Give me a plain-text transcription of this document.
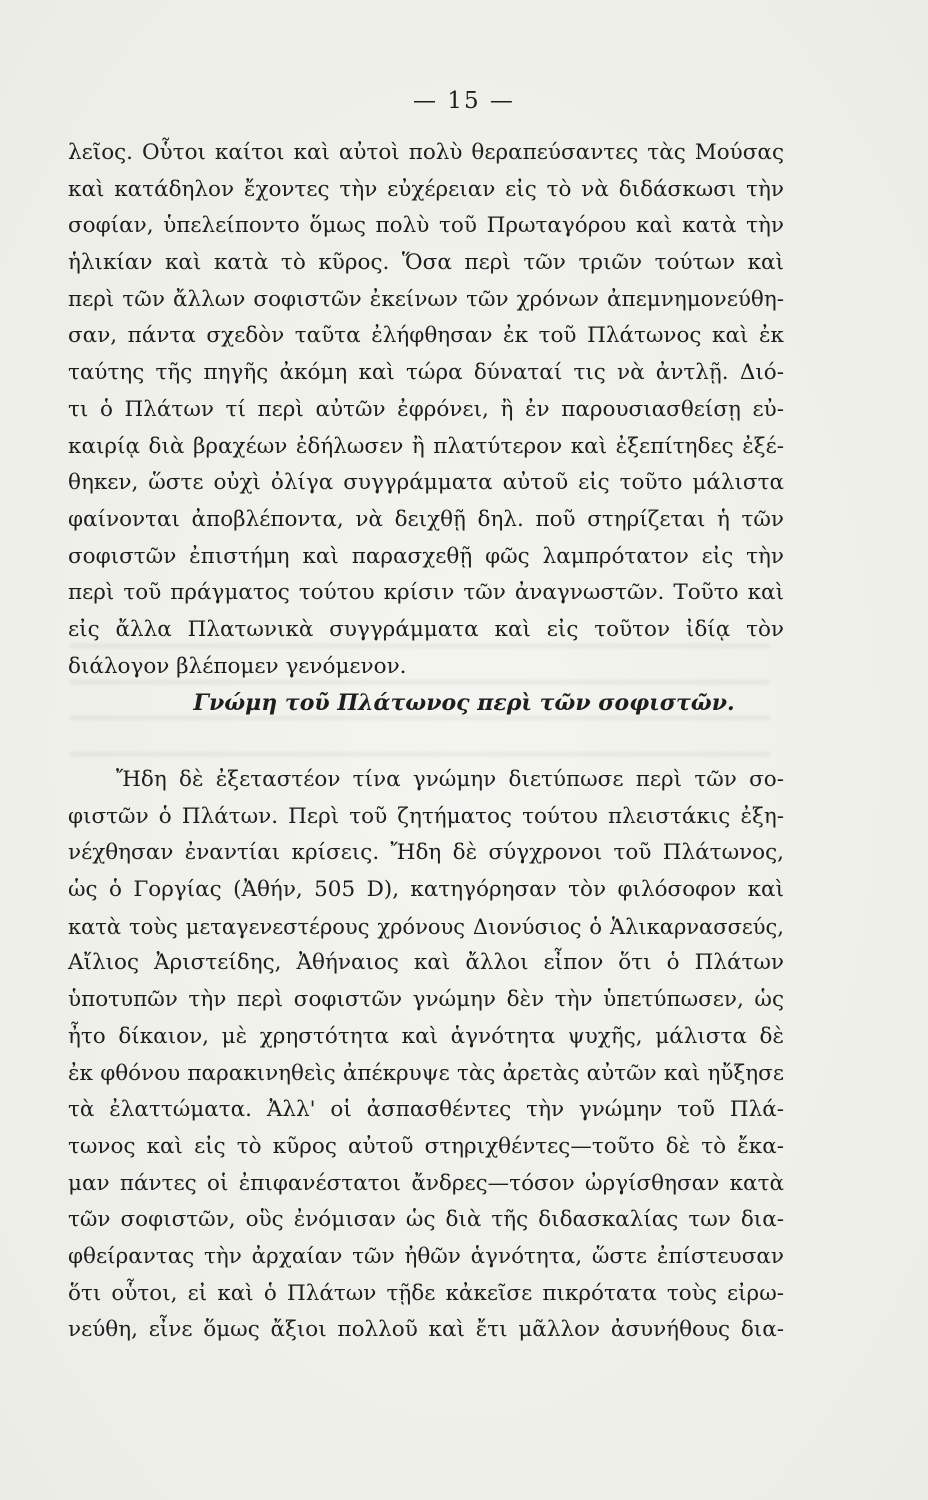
— 15 —
λεῖος. Οὗτοι καίτοι καὶ αὐτοὶ πολὺ θεραπεύσαντες τὰς Μούσας
καὶ κατάδηλον ἔχοντες τὴν εὐχέρειαν εἰς τὸ νὰ διδάσκωσι τὴν
σοφίαν, ὑπελείποντο ὅμως πολὺ τοῦ Πρωταγόρου καὶ κατὰ τὴν
ἡλικίαν καὶ κατὰ τὸ κῦρος. Ὅσα περὶ τῶν τριῶν τούτων καὶ
περὶ τῶν ἄλλων σοφιστῶν ἐκείνων τῶν χρόνων ἀπεμνημονεύθη-
σαν, πάντα σχεδὸν ταῦτα ἐλήφθησαν ἐκ τοῦ Πλάτωνος καὶ ἐκ
ταύτης τῆς πηγῆς ἀκόμη καὶ τώρα δύναταί τις νὰ ἀντλῇ. Διό-
τι ὁ Πλάτων τί περὶ αὐτῶν ἐφρόνει, ἢ ἐν παρουσιασθείσῃ εὐ-
καιρίᾳ διὰ βραχέων ἐδήλωσεν ἢ πλατύτερον καὶ ἐξεπίτηδες ἐξέ-
θηκεν, ὥστε οὐχὶ ὀλίγα συγγράμματα αὐτοῦ εἰς τοῦτο μάλιστα
φαίνονται ἀποβλέποντα, νὰ δειχθῇ δηλ. ποῦ στηρίζεται ἡ τῶν
σοφιστῶν ἐπιστήμη καὶ παρασχεθῇ φῶς λαμπρότατον εἰς τὴν
περὶ τοῦ πράγματος τούτου κρίσιν τῶν ἀναγνωστῶν. Τοῦτο καὶ
εἰς ἄλλα Πλατωνικὰ συγγράμματα καὶ εἰς τοῦτον ἰδίᾳ τὸν
διάλογον βλέπομεν γενόμενον.
Γνώμη τοῦ Πλάτωνος περὶ τῶν σοφιστῶν.
Ἤδη δὲ ἐξεταστέον τίνα γνώμην διετύπωσε περὶ τῶν σο-
φιστῶν ὁ Πλάτων. Περὶ τοῦ ζητήματος τούτου πλειστάκις ἐξη-
νέχθησαν ἐναντίαι κρίσεις. Ἤδη δὲ σύγχρονοι τοῦ Πλάτωνος,
ὡς ὁ Γοργίας (Ἀθήν, 505 D), κατηγόρησαν τὸν φιλόσοφον καὶ
κατὰ τοὺς μεταγενεστέρους χρόνους Διονύσιος ὁ Ἁλικαρνασσεύς,
Αἴλιος Ἀριστείδης, Ἀθήναιος καὶ ἄλλοι εἶπον ὅτι ὁ Πλάτων
ὑποτυπῶν τὴν περὶ σοφιστῶν γνώμην δὲν τὴν ὑπετύπωσεν, ὡς
ἦτο δίκαιον, μὲ χρηστότητα καὶ ἁγνότητα ψυχῆς, μάλιστα δὲ
ἐκ φθόνου παρακινηθεὶς ἀπέκρυψε τὰς ἀρετὰς αὐτῶν καὶ ηὔξησε
τὰ ἐλαττώματα. Ἀλλ' οἱ ἀσπασθέντες τὴν γνώμην τοῦ Πλά-
τωνος καὶ εἰς τὸ κῦρος αὐτοῦ στηριχθέντες—τοῦτο δὲ τὸ ἔκα-
μαν πάντες οἱ ἐπιφανέστατοι ἄνδρες—τόσον ὠργίσθησαν κατὰ
τῶν σοφιστῶν, οὓς ἐνόμισαν ὡς διὰ τῆς διδασκαλίας των δια-
φθείραντας τὴν ἀρχαίαν τῶν ἠθῶν ἁγνότητα, ὥστε ἐπίστευσαν
ὅτι οὗτοι, εἰ καὶ ὁ Πλάτων τῇδε κἀκεῖσε πικρότατα τοὺς εἰρω-
νεύθη, εἶνε ὅμως ἄξιοι πολλοῦ καὶ ἔτι μᾶλλον ἀσυνήθους δια-
